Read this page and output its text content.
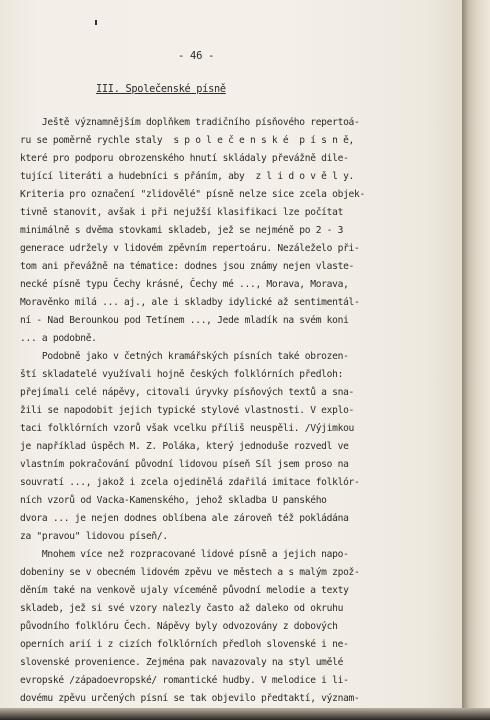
- 46 -

III. Společenské písně

Ještě významnějším doplňkem tradičního písňového repertoá-

ru se poměrně rychle staly  s p o l e č e n s k é  p í s n ě,

které pro podporu obrozenského hnutí skládaly převážně dile-

tující literáti a hudebníci s přáním, aby  z l i d o v ě l y.

Kriteria pro označení "zlidovělé" písně nelze sice zcela objek-

tivně stanovit, avšak i při nejužší klasifikaci lze počítat

minimálně s dvěma stovkami skladeb, jež se nejméně po 2 - 3

generace udržely v lidovém zpěvním repertoáru. Nezáleželo při-

tom ani převážně na tématice: dodnes jsou známy nejen vlaste-

necké písně typu Čechy krásné, Čechy mé ..., Morava, Morava,

Moravěnko milá ... aj., ale i skladby idylické až sentimentál-

ní - Nad Berounkou pod Tetínem ..., Jede mladík na svém koni

... a podobně.

Podobně jako v četných kramářských písních také obrozen-

ští skladatelé využívali hojně českých folklórních předloh:

přejímali celé nápěvy, citovali úryvky písňových textů a sna-

žili se napodobit jejich typické stylové vlastnosti. V explo-

taci folklórních vzorů však vcelku příliš neuspěli. /Výjimkou

je například úspěch M. Z. Poláka, který jednoduše rozvedl ve

vlastním pokračování původní lidovou píseň Síl jsem proso na

souvratí ..., jakož i zcela ojedinělá zdařilá imitace folklór-

ních vzorů od Vacka-Kamenského, jehož skladba U panského

dvora ... je nejen dodnes oblíbena ale zároveň též pokládána

za "pravou" lidovou píseň/.

Mnohem více než rozpracované lidové písně a jejich napo-

dobeniny se v obecném lidovém zpěvu ve městech a s malým zpož-

děním také na venkově ujaly víceméně původní melodie a texty

skladeb, jež si své vzory nalezly často až daleko od okruhu

původního folklóru Čech. Nápěvy byly odvozovány z dobových

operních arií i z cizích folklórních předloh slovenské i ne-

slovenské provenience. Zejména pak navazovaly na styl umělé

evropské /západoevropské/ romantické hudby. V melodice i li-

dovému zpěvu určených písní se tak objevilo předtaktí, význam-
